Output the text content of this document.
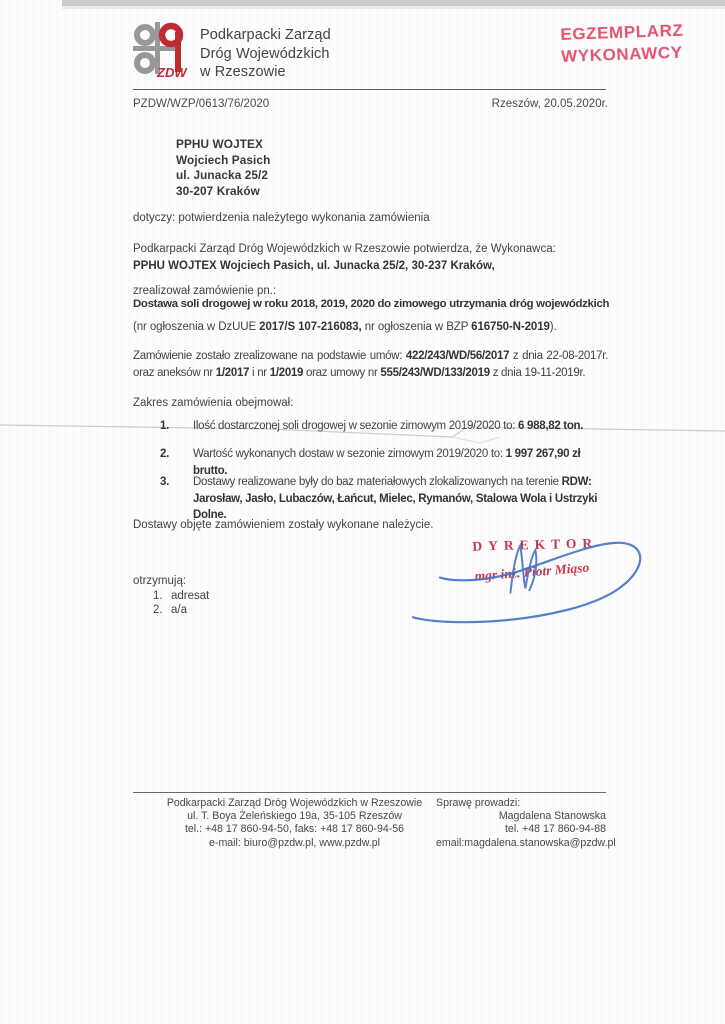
ZDW
Podkarpacki Zarząd
Dróg Wojewódzkich
w Rzeszowie
EGZEMPLARZ
WYKONAWCY
PZDW/WZP/0613/76/2020	Rzeszów, 20.05.2020r.
PPHU WOJTEX
Wojciech Pasich
ul. Junacka 25/2
30-207 Kraków
dotyczy: potwierdzenia należytego wykonania zamówienia
Podkarpacki Zarząd Dróg Wojewódzkich w Rzeszowie potwierdza, że Wykonawca:
PPHU WOJTEX Wojciech Pasich, ul. Junacka 25/2, 30-237 Kraków,
zrealizował zamówienie pn.:
Dostawa soli drogowej w roku 2018, 2019, 2020 do zimowego utrzymania dróg wojewódzkich
(nr ogłoszenia w DzUUE 2017/S 107-216083, nr ogłoszenia w BZP 616750-N-2019).
Zamówienie zostało zrealizowane na podstawie umów: 422/243/WD/56/2017 z dnia 22-08-2017r. oraz aneksów nr 1/2017 i nr 1/2019 oraz umowy nr 555/243/WD/133/2019 z dnia 19-11-2019r.
Zakres zamówienia obejmował:
1.	Ilość dostarczonej soli drogowej w sezonie zimowym 2019/2020 to: 6 988,82 ton.
2.	Wartość wykonanych dostaw w sezonie zimowym 2019/2020 to: 1 997 267,90 zł brutto.
3.	Dostawy realizowane były do baz materiałowych zlokalizowanych na terenie RDW: Jarosław, Jasło, Lubaczów, Łańcut, Mielec, Rymanów, Stalowa Wola i Ustrzyki Dolne.
Dostawy objęte zamówieniem zostały wykonane należycie.
DYREKTOR
mgr inż. Piotr Miąso
otrzymują:
1. adresat
2. a/a
Podkarpacki Zarząd Dróg Wojewódzkich w Rzeszowie
ul. T. Boya Żeleńskiego 19a, 35-105 Rzeszów
tel.: +48 17 860-94-50, faks: +48 17 860-94-56
e-mail: biuro@pzdw.pl, www.pzdw.pl
Sprawę prowadzi:
Magdalena Stanowska
tel. +48 17 860-94-88
email:magdalena.stanowska@pzdw.pl
